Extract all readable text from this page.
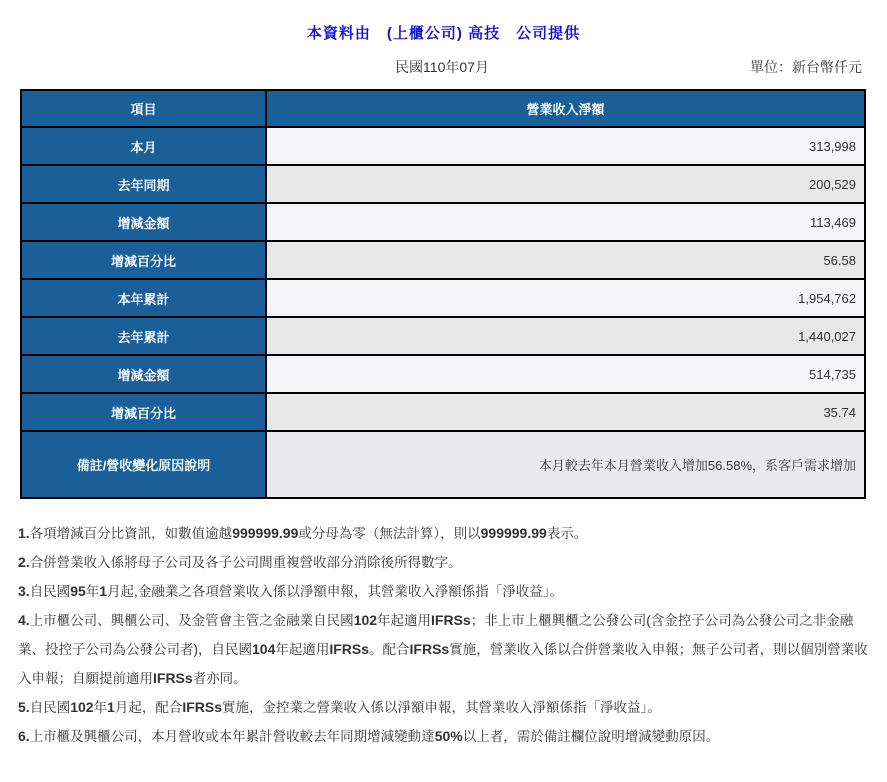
本資料由　(上櫃公司) 高技　公司提供
民國110年07月	單位：新台幣仟元
項目	營業收入淨額
本月	313,998
去年同期	200,529
增減金額	113,469
增減百分比	56.58
本年累計	1,954,762
去年累計	1,440,027
增減金額	514,735
增減百分比	35.74
備註/營收變化原因說明	本月較去年本月營業收入增加56.58%，系客戶需求增加

1.各項增減百分比資訊，如數值逾越999999.99或分母為零（無法計算），則以999999.99表示。

2.合併營業收入係將母子公司及各子公司間重複營收部分消除後所得數字。

3.自民國95年1月起,金融業之各項營業收入係以淨額申報，其營業收入淨額係指「淨收益」。

4.上市櫃公司、興櫃公司、及金管會主管之金融業自民國102年起適用IFRSs；非上市上櫃興櫃之公發公司(含金控子公司為公發公司之非金融業、投控子公司為公發公司者)，自民國104年起適用IFRSs。配合IFRSs實施，營業收入係以合併營業收入申報；無子公司者，則以個別營業收入申報；自願提前適用IFRSs者亦同。

5.自民國102年1月起，配合IFRSs實施，金控業之營業收入係以淨額申報，其營業收入淨額係指「淨收益」。

6.上市櫃及興櫃公司，本月營收或本年累計營收較去年同期增減變動達50%以上者，需於備註欄位說明增減變動原因。
